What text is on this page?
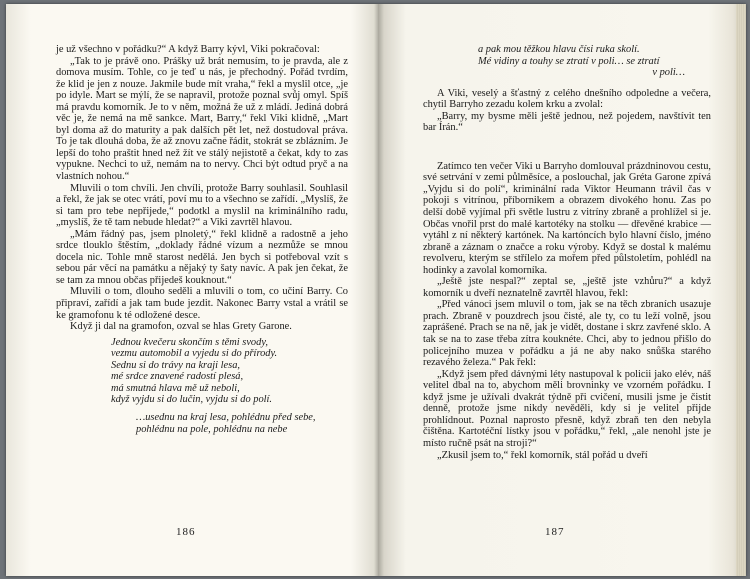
je už všechno v pořádku?“ A když Barry kývl, Viki pokračoval:

„Tak to je právě ono. Prášky už brát nemusím, to je pravda, ale z domova musím. Tohle, co je teď u nás, je přechodný. Pořád tvrdím, že klid je jen z nouze. Jakmile bude mít vraha,“ řekl a myslil otce, „je po idyle. Mart se mýlí, že se napravil, protože poznal svůj omyl. Spíš má pravdu komorník. Je to v něm, možná že už z mládí. Jediná dobrá věc je, že nemá na mě sankce. Mart, Barry,“ řekl Viki klidně, „Mart byl doma až do maturity a pak dalších pět let, než dostudoval práva. To je tak dlouhá doba, že až znovu začne řádit, stokrát se zblázním. Je lepší do toho praštit hned než žít ve stálý nejistotě a čekat, kdy to zas vypukne. Nechci to už, nemám na to nervy. Chci být odtud pryč a na vlastních nohou.“

Mluvili o tom chvíli. Jen chvíli, protože Barry souhlasil. Souhlasil a řekl, že jak se otec vrátí, poví mu to a všechno se zařídí. „Myslíš, že si tam pro tebe nepřijede,“ podotkl a myslil na kriminálního radu, „myslíš, že tě tam nebude hledat?“ a Viki zavrtěl hlavou.

„Mám řádný pas, jsem plnoletý,“ řekl klidně a radostně a jeho srdce tlouklo štěstím, „doklady řádné vízum a nezmůže se mnou docela nic. Tohle mně starost nedělá. Jen bych si potřeboval vzít s sebou pár věcí na památku a nějaký ty šaty navíc. A pak jen čekat, že se tam za mnou občas přijedeš kouknout.“

Mluvili o tom, dlouho seděli a mluvili o tom, co učiní Barry. Co připraví, zařídí a jak tam bude jezdit. Nakonec Barry vstal a vrátil se ke gramofonu k té odložené desce.

Když ji dal na gramofon, ozval se hlas Grety Garone.

Jednou kvečeru skončím s těmi svody,
vezmu automobil a vyjedu si do přírody.
Sednu si do trávy na kraji lesa,
mé srdce znavené radostí plesá,
má smutná hlava mě už neboli,
když vyjdu si do lučin, vyjdu si do polí.
…usednu na kraj lesa, pohlédnu před sebe,
pohlédnu na pole, pohlédnu na nebe
186
a pak mou těžkou hlavu čísi ruka skolí.
Mé vidiny a touhy se ztratí v poli… se ztratí
v poli…

A Viki, veselý a šťastný z celého dnešního odpoledne a večera, chytil Barryho zezadu kolem krku a zvolal:

„Barry, my bysme měli ještě jednou, než pojedem, navštívit ten bar Írán.“

Zatímco ten večer Viki u Barryho domlouval prázdninovou cestu, své setrvání v zemi půlměsíce, a poslouchal, jak Gréta Garone zpívá „Vyjdu si do polí“, kriminální rada Viktor Heumann trávil čas v pokoji s vitrínou, příbornikem a obrazem divokého honu. Zas po delší době vyjímal při světle lustru z vitríny zbraně a prohlížel si je. Občas vnořil prst do malé kartotéky na stolku — dřevěné krabice — vytáhl z ní některý kartónek. Na kartóncích bylo hlavní číslo, jméno zbraně a záznam o značce a roku výroby. Když se dostal k malému revolveru, kterým se střílelo za mořem před půlstoletím, pohlédl na hodinky a zavolal komorníka.

„Ještě jste nespal?“ zeptal se, „ještě jste vzhůru?“ a když komorník u dveří neznatelně zavrtěl hlavou, řekl:

„Před vánoci jsem mluvil o tom, jak se na těch zbraních usazuje prach. Zbraně v pouzdrech jsou čisté, ale ty, co tu leží volně, jsou zaprášené. Prach se na ně, jak je vidět, dostane i skrz zavřené sklo. A tak se na to zase třeba zítra kouknéte. Chci, aby to jednou přišlo do policejního muzea v pořádku a já ne aby nako snůška starého rezavého železa.“ Pak řekl:

„Když jsem před dávnými léty nastupoval k policii jako elév, náš velitel dbal na to, abychom měli brovninky ve vzorném pořádku. I když jsme je užívali dvakrát týdně při cvičení, musili jsme je čistit denně, protože jsme nikdy nevěděli, kdy si je velitel přijde prohlídnout. Poznal naprosto přesně, když zbraň ten den nebyla čištěna. Kartotéční lístky jsou v pořádku,“ řekl, „ale nenohl jste je místo ručně psát na stroji?“

„Zkusil jsem to,“ řekl komorník, stál pořád u dveří

187
